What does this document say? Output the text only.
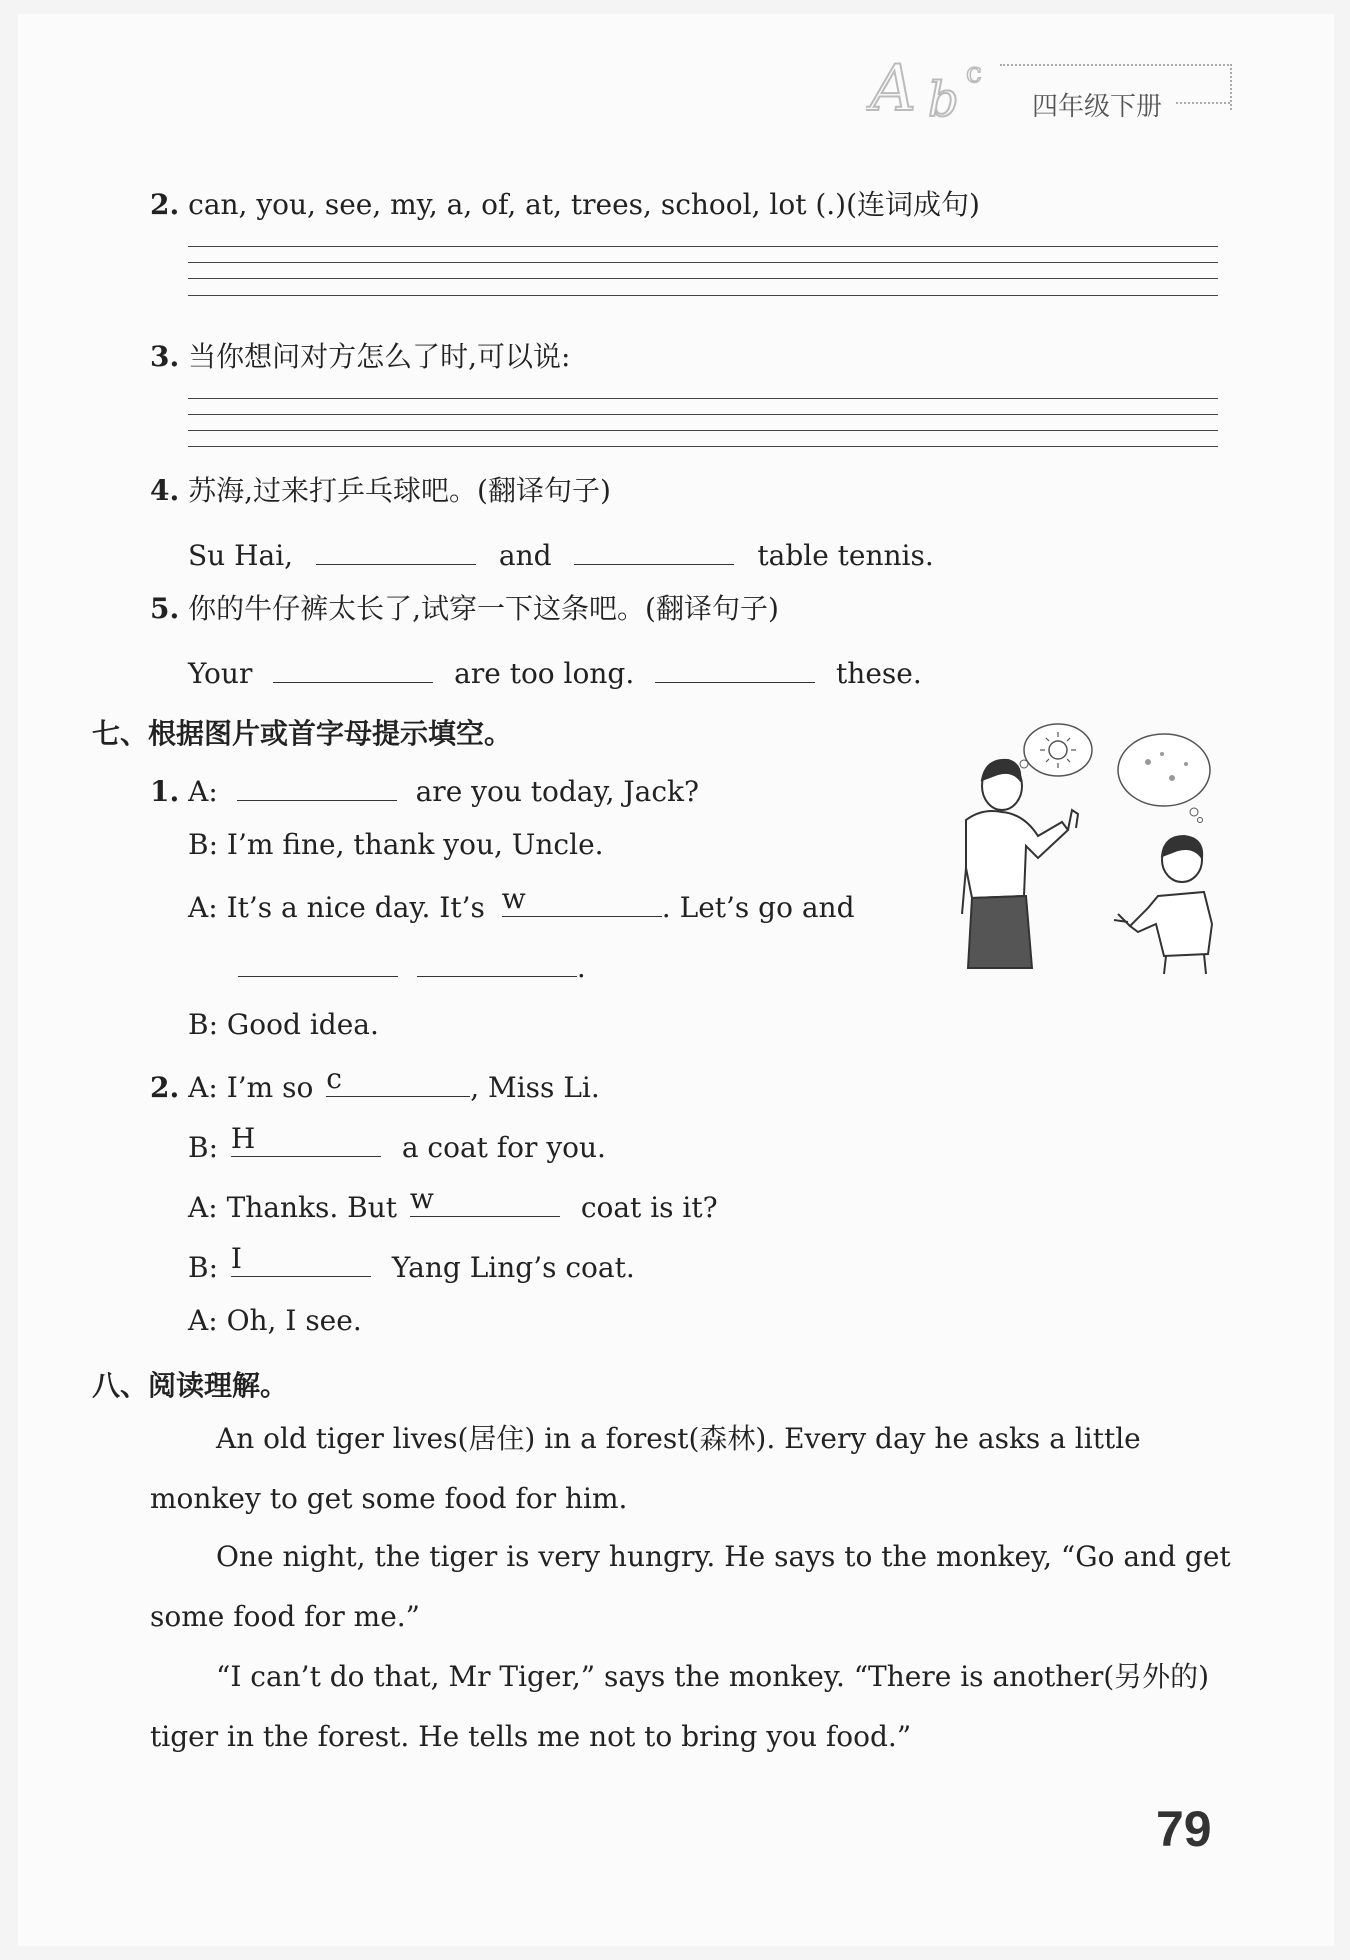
A b c
四年级下册
2. can, you, see, my, a, of, at, trees, school, lot (.)(连词成句)
3. 当你想问对方怎么了时,可以说:
4. 苏海,过来打乒乓球吧。(翻译句子)
Su Hai,	and	table tennis.
5. 你的牛仔裤太长了,试穿一下这条吧。(翻译句子)
Your	are too long.	these.
七、根据图片或首字母提示填空。
1. A:	are you today, Jack?
B: I’m fine, thank you, Uncle.
A: It’s a nice day. It’s w	. Let’s go and
.
B: Good idea.
2. A: I’m so c	, Miss Li.
B: H	a coat for you.
A: Thanks. But w	coat is it?
B: I	Yang Ling’s coat.
A: Oh, I see.
八、阅读理解。
An old tiger lives(居住) in a forest(森林). Every day he asks a little
monkey to get some food for him.
One night, the tiger is very hungry. He says to the monkey, “Go and get
some food for me.”
“I can’t do that, Mr Tiger,” says the monkey. “There is another(另外的)
tiger in the forest. He tells me not to bring you food.”
79
